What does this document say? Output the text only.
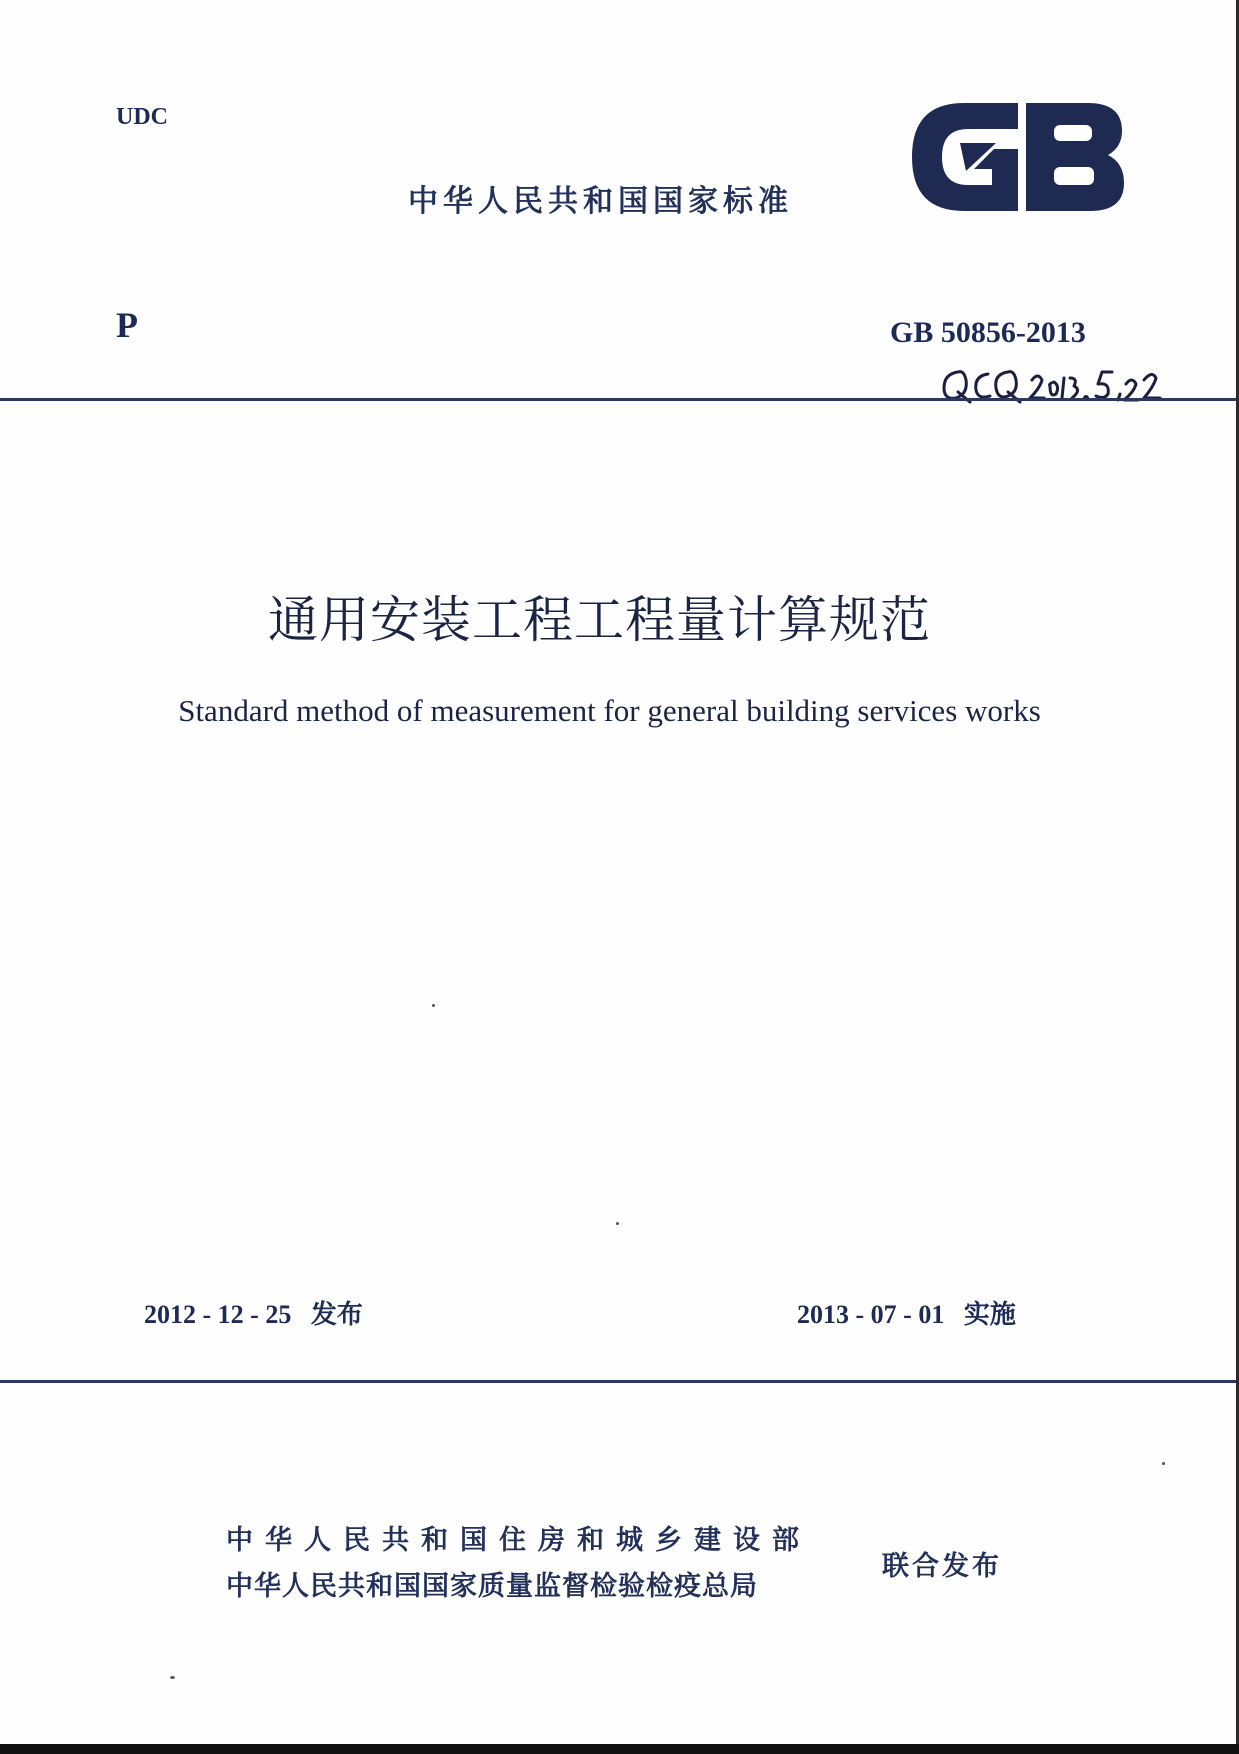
UDC
中华人民共和国国家标准
P	GB 50856-2013
通用安装工程工程量计算规范
Standard method of measurement for general building services works
2012 - 12 - 25 发布	2013 - 07 - 01 实施
中华人民共和国住房和城乡建设部
中华人民共和国国家质量监督检验检疫总局
联合发布
